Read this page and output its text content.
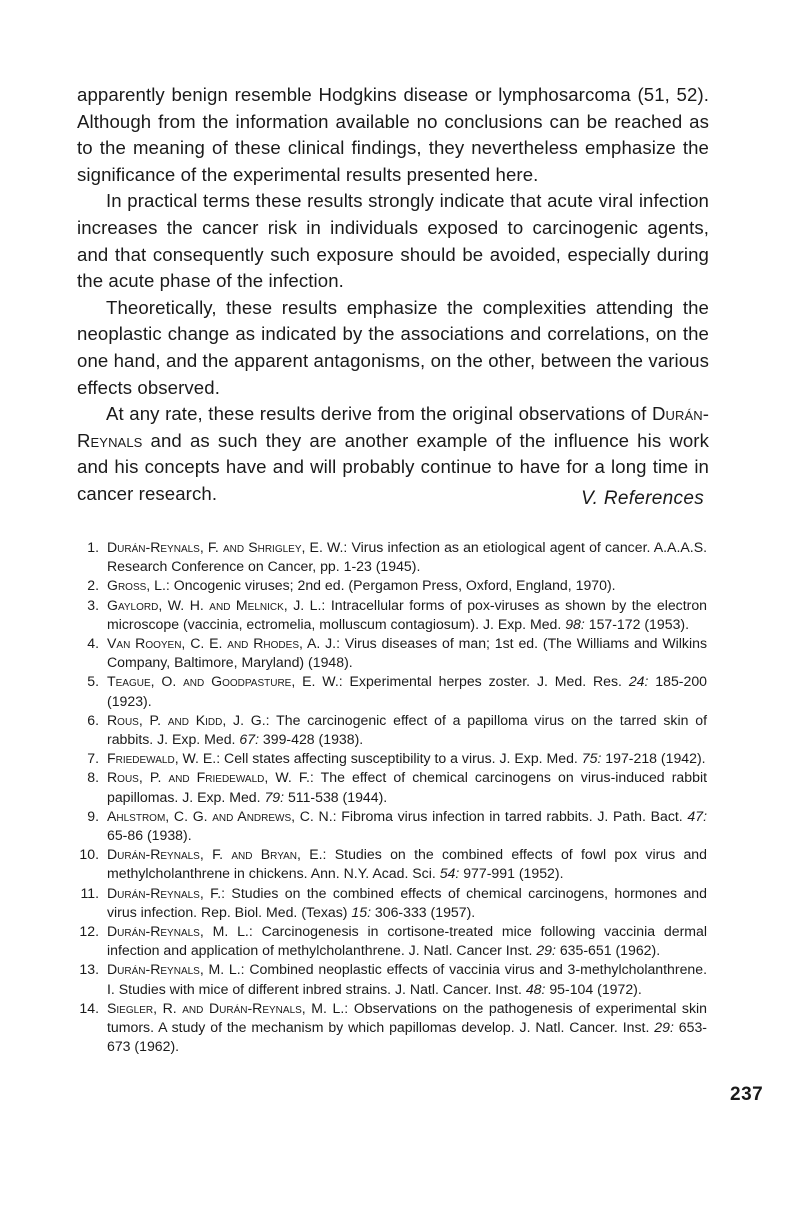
apparently benign resemble Hodgkins disease or lymphosarcoma (51, 52). Although from the information available no conclusions can be reached as to the meaning of these clinical findings, they nevertheless emphasize the significance of the experimental results presented here.

In practical terms these results strongly indicate that acute viral infection increases the cancer risk in individuals exposed to carcinogenic agents, and that consequently such exposure should be avoided, especially during the acute phase of the infection.

Theoretically, these results emphasize the complexities attending the neoplastic change as indicated by the associations and correlations, on the one hand, and the apparent antagonisms, on the other, between the various effects observed.

At any rate, these results derive from the original observations of Durán-Reynals and as such they are another example of the influence his work and his concepts have and will probably continue to have for a long time in cancer research.	V. References
1. Durán-Reynals, F. and Shrigley, E. W.: Virus infection as an etiological agent of cancer. A.A.A.S. Research Conference on Cancer, pp. 1-23 (1945).
2. Gross, L.: Oncogenic viruses; 2nd ed. (Pergamon Press, Oxford, England, 1970).
3. Gaylord, W. H. and Melnick, J. L.: Intracellular forms of pox-viruses as shown by the electron microscope (vaccinia, ectromelia, molluscum contagiosum). J. Exp. Med. 98: 157-172 (1953).
4. Van Rooyen, C. E. and Rhodes, A. J.: Virus diseases of man; 1st ed. (The Williams and Wilkins Company, Baltimore, Maryland) (1948).
5. Teague, O. and Goodpasture, E. W.: Experimental herpes zoster. J. Med. Res. 24: 185-200 (1923).
6. Rous, P. and Kidd, J. G.: The carcinogenic effect of a papilloma virus on the tarred skin of rabbits. J. Exp. Med. 67: 399-428 (1938).
7. Friedewald, W. E.: Cell states affecting susceptibility to a virus. J. Exp. Med. 75: 197-218 (1942).
8. Rous, P. and Friedewald, W. F.: The effect of chemical carcinogens on virus-induced rabbit papillomas. J. Exp. Med. 79: 511-538 (1944).
9. Ahlstrom, C. G. and Andrews, C. N.: Fibroma virus infection in tarred rabbits. J. Path. Bact. 47: 65-86 (1938).
10. Durán-Reynals, F. and Bryan, E.: Studies on the combined effects of fowl pox virus and methylcholanthrene in chickens. Ann. N.Y. Acad. Sci. 54: 977-991 (1952).
11. Durán-Reynals, F.: Studies on the combined effects of chemical carcinogens, hormones and virus infection. Rep. Biol. Med. (Texas) 15: 306-333 (1957).
12. Durán-Reynals, M. L.: Carcinogenesis in cortisone-treated mice following vaccinia dermal infection and application of methylcholanthrene. J. Natl. Cancer Inst. 29: 635-651 (1962).
13. Durán-Reynals, M. L.: Combined neoplastic effects of vaccinia virus and 3-methylcholanthrene. I. Studies with mice of different inbred strains. J. Natl. Cancer. Inst. 48: 95-104 (1972).
14. Siegler, R. and Durán-Reynals, M. L.: Observations on the pathogenesis of experimental skin tumors. A study of the mechanism by which papillomas develop. J. Natl. Cancer. Inst. 29: 653-673 (1962).
237
